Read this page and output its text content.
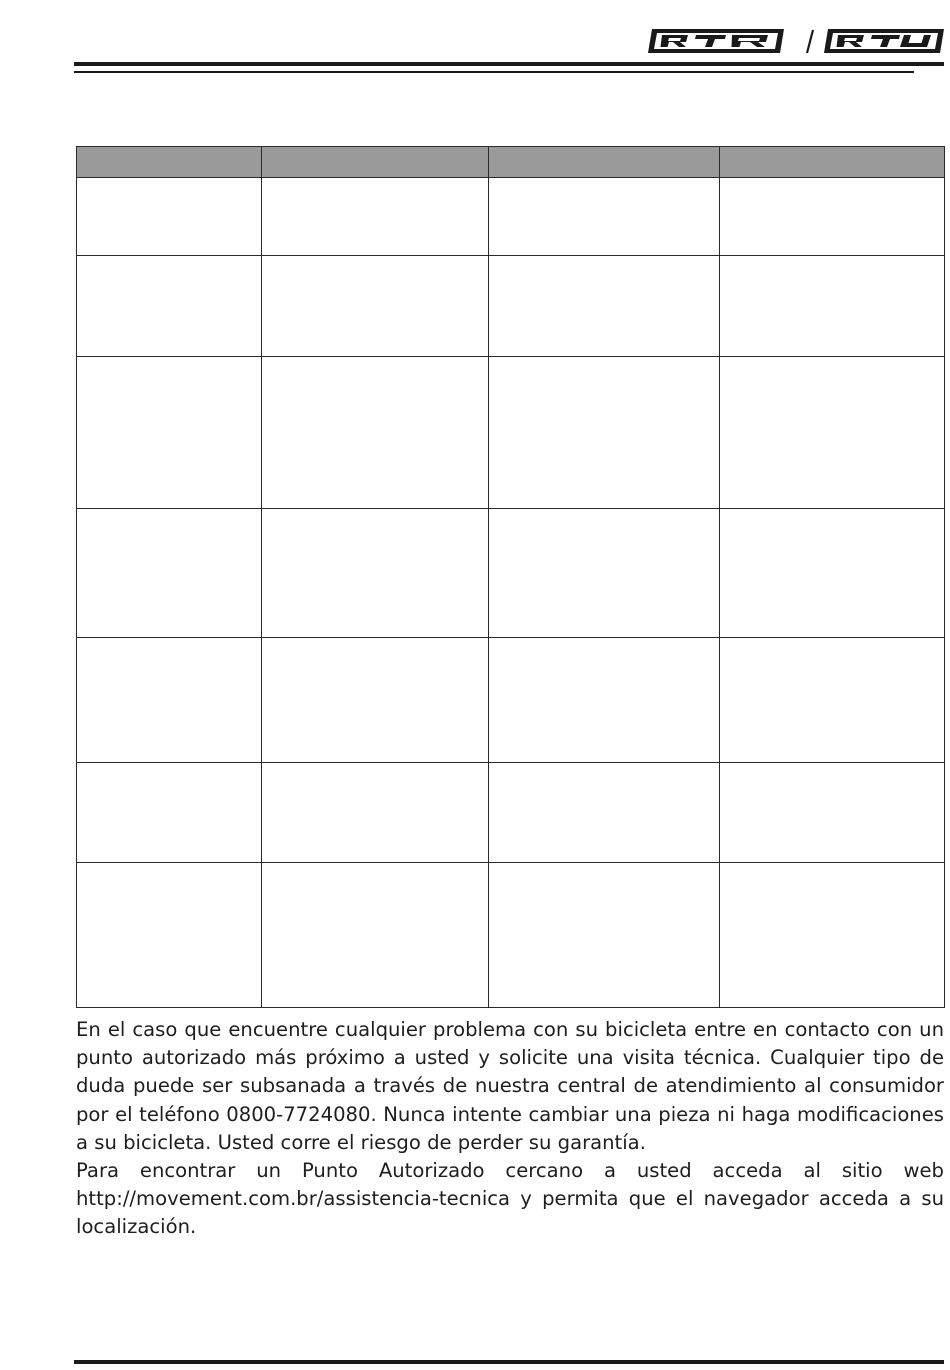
En el caso que encuentre cualquier problema con su bicicleta entre en contacto con un punto autorizado más próximo a usted y solicite una visita técnica. Cualquier tipo de duda puede ser subsanada a través de nuestra central de atendimiento al consumidor por el teléfono 0800-7724080. Nunca intente cambiar una pieza ni haga modificaciones a su bicicleta. Usted corre el riesgo de perder su garantía.

Para encontrar un Punto Autorizado cercano a usted acceda al sitio web http://movement.com.br/assistencia-tecnica y permita que el navegador acceda a su localización.
